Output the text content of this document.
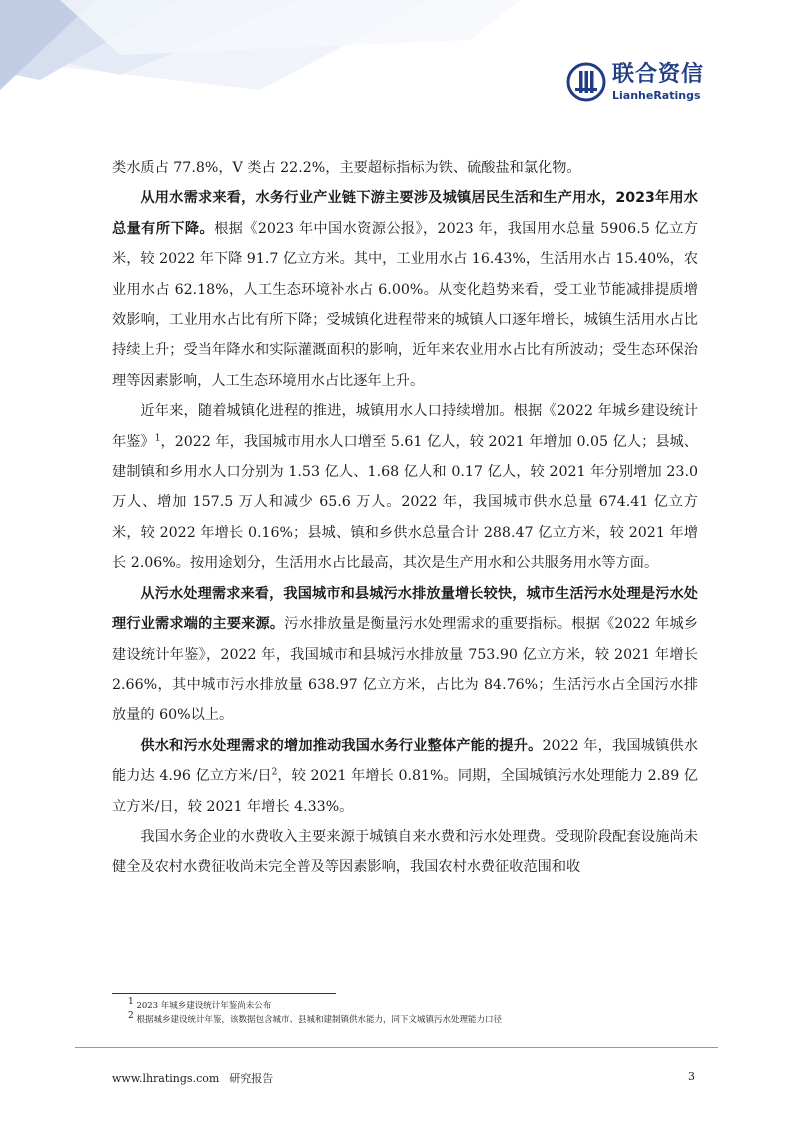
联合资信
LianheRatings

类水质占 77.8%，V 类占 22.2%，主要超标指标为铁、硫酸盐和氯化物。

从用水需求来看，水务行业产业链下游主要涉及城镇居民生活和生产用水，2023年用水总量有所下降。根据《2023 年中国水资源公报》，2023 年，我国用水总量 5906.5 亿立方米，较 2022 年下降 91.7 亿立方米。其中，工业用水占 16.43%，生活用水占 15.40%，农业用水占 62.18%，人工生态环境补水占 6.00%。从变化趋势来看，受工业节能减排提质增效影响，工业用水占比有所下降；受城镇化进程带来的城镇人口逐年增长，城镇生活用水占比持续上升；受当年降水和实际灌溉面积的影响，近年来农业用水占比有所波动；受生态环保治理等因素影响，人工生态环境用水占比逐年上升。

近年来，随着城镇化进程的推进，城镇用水人口持续增加。根据《2022 年城乡建设统计年鉴》$^1$，2022 年，我国城市用水人口增至 5.61 亿人，较 2021 年增加 0.05 亿人；县城、建制镇和乡用水人口分别为 1.53 亿人、1.68 亿人和 0.17 亿人，较 2021 年分别增加 23.0 万人、增加 157.5 万人和减少 65.6 万人。2022 年，我国城市供水总量 674.41 亿立方米，较 2022 年增长 0.16%；县城、镇和乡供水总量合计 288.47 亿立方米，较 2021 年增长 2.06%。按用途划分，生活用水占比最高，其次是生产用水和公共服务用水等方面。

从污水处理需求来看，我国城市和县城污水排放量增长较快，城市生活污水处理是污水处理行业需求端的主要来源。污水排放量是衡量污水处理需求的重要指标。根据《2022 年城乡建设统计年鉴》，2022 年，我国城市和县城污水排放量 753.90 亿立方米，较 2021 年增长 2.66%，其中城市污水排放量 638.97 亿立方米，占比为 84.76%；生活污水占全国污水排放量的 60%以上。

供水和污水处理需求的增加推动我国水务行业整体产能的提升。2022 年，我国城镇供水能力达 4.96 亿立方米/日$^2$，较 2021 年增长 0.81%。同期，全国城镇污水处理能力 2.89 亿立方米/日，较 2021 年增长 4.33%。

我国水务企业的水费收入主要来源于城镇自来水费和污水处理费。受现阶段配套设施尚未健全及农村水费征收尚未完全普及等因素影响，我国农村水费征收范围和收

$^1$ 2023 年城乡建设统计年鉴尚未公布
$^2$ 根据城乡建设统计年鉴，该数据包含城市、县城和建制镇供水能力，同下文城镇污水处理能力口径
www.lhratings.com 研究报告	3
